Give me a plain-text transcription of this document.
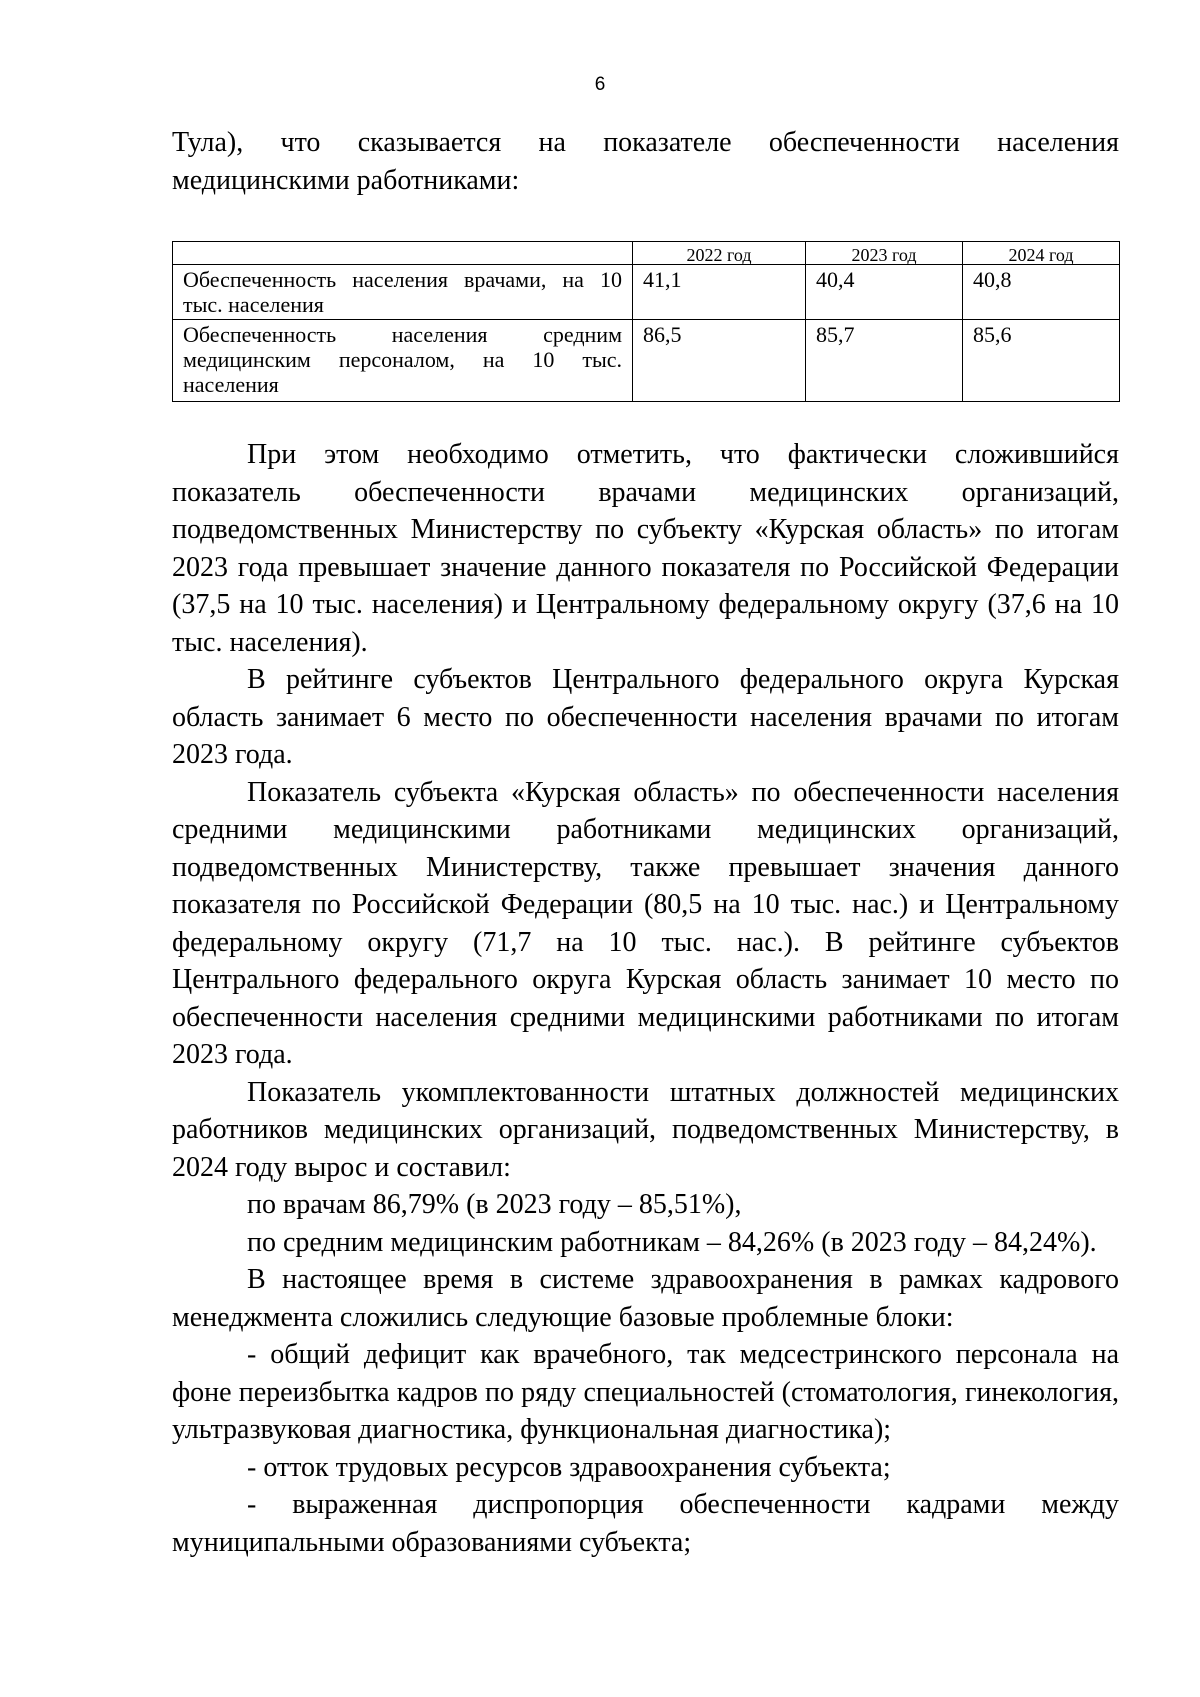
6

Тула), что сказывается на показателе обеспеченности населения медицинскими работниками:

	2022 год	2023 год	2024 год
Обеспеченность населения врачами, на 10 тыс. населения	41,1	40,4	40,8
Обеспеченность населения средним медицинским персоналом, на 10 тыс. населения	86,5	85,7	85,6

При этом необходимо отметить, что фактически сложившийся показатель обеспеченности врачами медицинских организаций, подведомственных Министерству по субъекту «Курская область» по итогам 2023 года превышает значение данного показателя по Российской Федерации (37,5 на 10 тыс. населения) и Центральному федеральному округу (37,6 на 10 тыс. населения).

В рейтинге субъектов Центрального федерального округа Курская область занимает 6 место по обеспеченности населения врачами по итогам 2023 года.

Показатель субъекта «Курская область» по обеспеченности населения средними медицинскими работниками медицинских организаций, подведомственных Министерству, также превышает значения данного показателя по Российской Федерации (80,5 на 10 тыс. нас.) и Центральному федеральному округу (71,7 на 10 тыс. нас.). В рейтинге субъектов Центрального федерального округа Курская область занимает 10 место по обеспеченности населения средними медицинскими работниками по итогам 2023 года.

Показатель укомплектованности штатных должностей медицинских работников медицинских организаций, подведомственных Министерству, в 2024 году вырос и составил:

по врачам 86,79% (в 2023 году – 85,51%),

по средним медицинским работникам – 84,26% (в 2023 году – 84,24%).

В настоящее время в системе здравоохранения в рамках кадрового менеджмента сложились следующие базовые проблемные блоки:

- общий дефицит как врачебного, так медсестринского персонала на фоне переизбытка кадров по ряду специальностей (стоматология, гинекология, ультразвуковая диагностика, функциональная диагностика);

- отток трудовых ресурсов здравоохранения субъекта;

- выраженная диспропорция обеспеченности кадрами между муниципальными образованиями субъекта;
